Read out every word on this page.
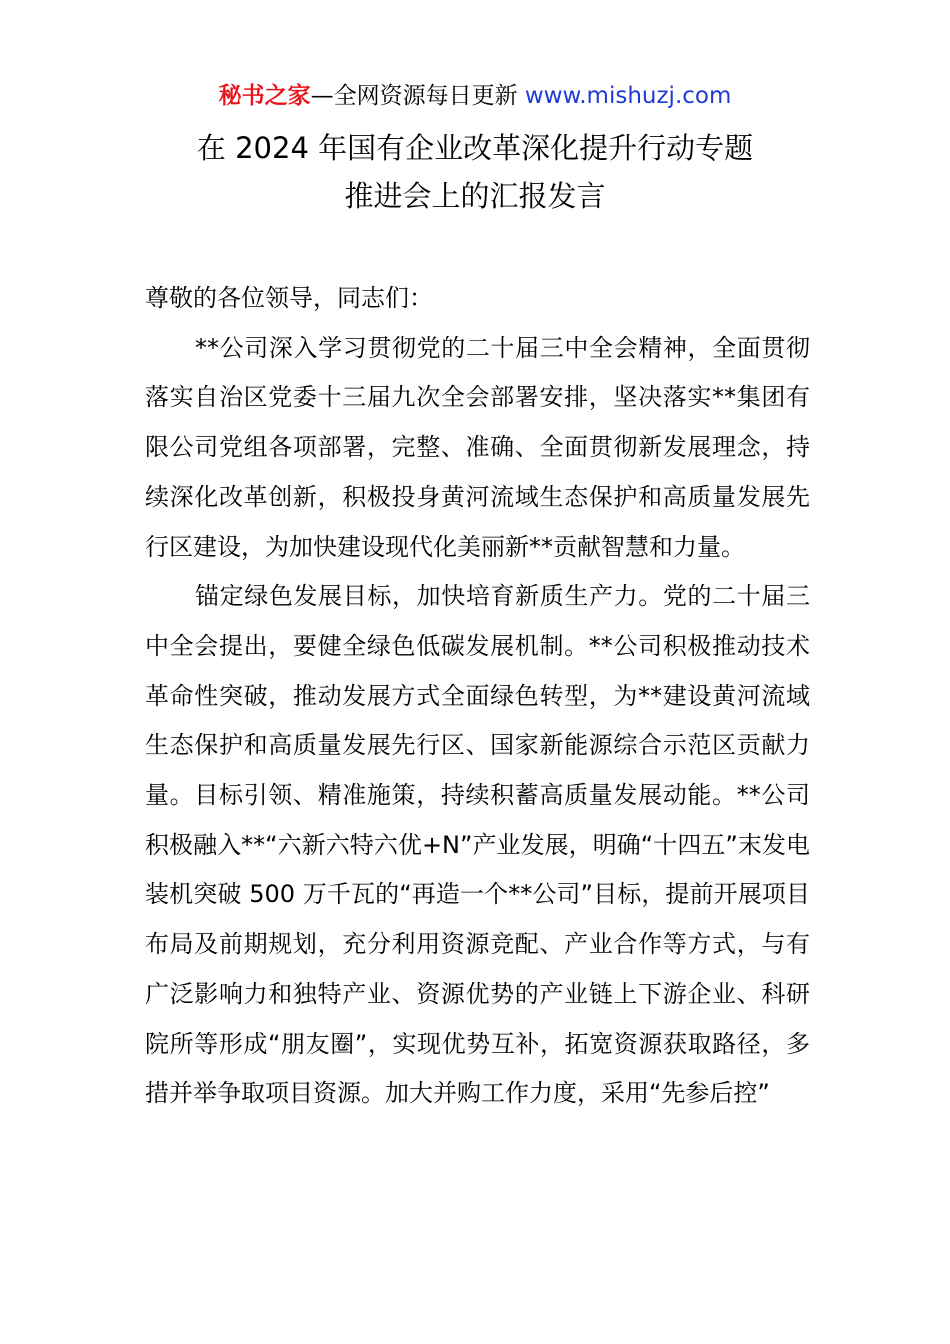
秘书之家—全网资源每日更新 www.mishuzj.com
在 2024 年国有企业改革深化提升行动专题
推进会上的汇报发言

尊敬的各位领导，同志们：

**公司深入学习贯彻党的二十届三中全会精神，全面贯彻落实自治区党委十三届九次全会部署安排，坚决落实**集团有限公司党组各项部署，完整、准确、全面贯彻新发展理念，持续深化改革创新，积极投身黄河流域生态保护和高质量发展先行区建设，为加快建设现代化美丽新**贡献智慧和力量。

锚定绿色发展目标，加快培育新质生产力。党的二十届三中全会提出，要健全绿色低碳发展机制。**公司积极推动技术革命性突破，推动发展方式全面绿色转型，为**建设黄河流域生态保护和高质量发展先行区、国家新能源综合示范区贡献力量。目标引领、精准施策，持续积蓄高质量发展动能。**公司积极融入**“六新六特六优+N”产业发展，明确“十四五”末发电装机突破 500 万千瓦的“再造一个**公司”目标，提前开展项目布局及前期规划，充分利用资源竞配、产业合作等方式，与有广泛影响力和独特产业、资源优势的产业链上下游企业、科研院所等形成“朋友圈”，实现优势互补，拓宽资源获取路径，多措并举争取项目资源。加大并购工作力度，采用“先参后控”
